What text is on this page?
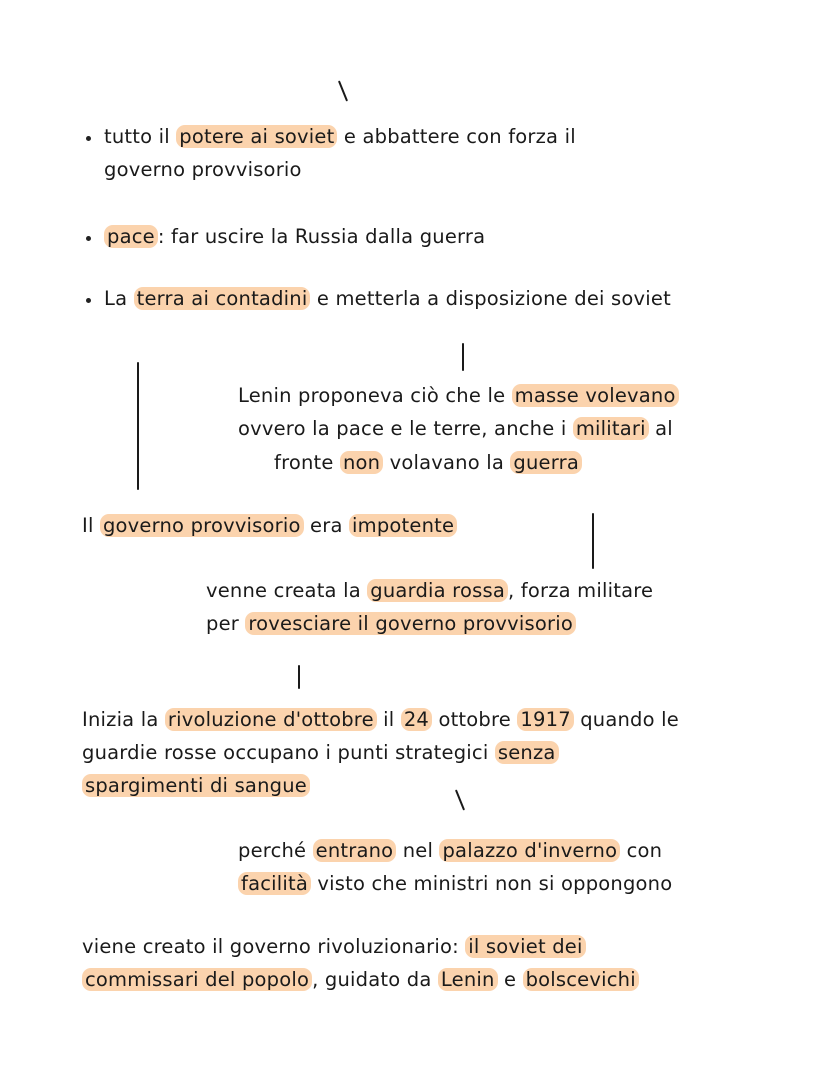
tutto il potere ai soviet e abbattere con forza il
governo provvisorio
pace : far uscire la Russia dalla guerra
La terra ai contadini e metterla a disposizione dei soviet
Lenin proponeva ciò che le masse volevano
ovvero la pace e le terre, anche i militari al
fronte non volavano la guerra
Il governo provvisorio era impotente
venne creata la guardia rossa , forza militare
per rovesciare il governo provvisorio
Inizia la rivoluzione d'ottobre il 24 ottobre 1917 quando le
guardie rosse occupano i punti strategici senza
spargimenti di sangue
perché entrano nel palazzo d'inverno con
facilità visto che ministri non si oppongono
viene creato il governo rivoluzionario: il soviet dei
commissari del popolo , guidato da Lenin e bolscevichi
